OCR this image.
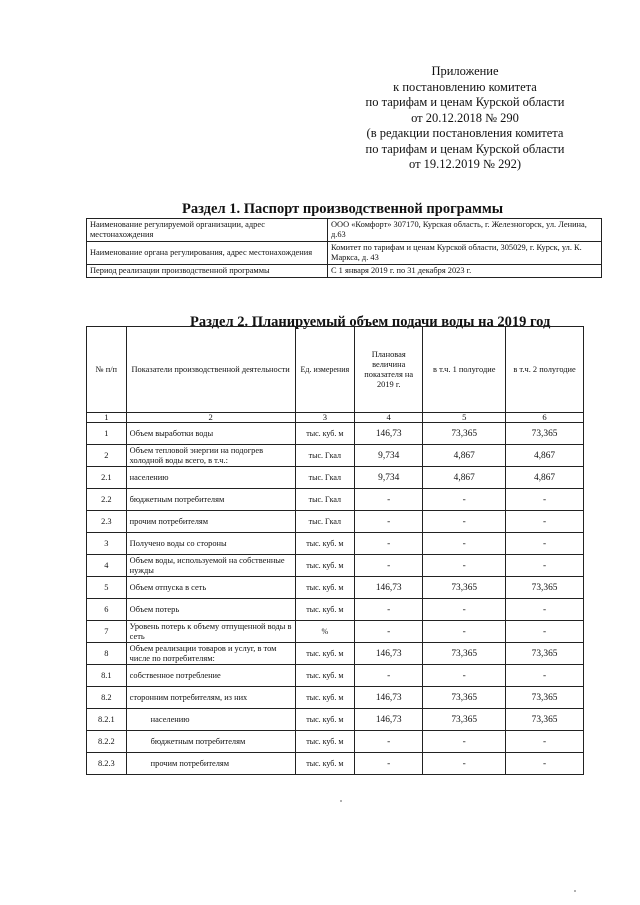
Приложение
к постановлению комитета
по тарифам и ценам Курской области
от 20.12.2018 № 290
(в редакции постановления комитета
по тарифам и ценам Курской области
от 19.12.2019 № 292)
Раздел 1. Паспорт производственной программы
Наименование регулируемой организации, адрес местонахождения	ООО «Комфорт» 307170, Курская область, г. Железногорск, ул. Ленина, д.63
Наименование органа регулирования, адрес местонахождения	Комитет по тарифам и ценам Курской области, 305029, г. Курск, ул. К. Маркса, д. 43
Период реализации производственной программы	С 1 января 2019 г. по 31 декабря 2023 г.
Раздел 2. Планируемый объем подачи воды на 2019 год
№ п/п	Показатели производственной деятельности	Ед. измерения	Плановая величина показателя на 2019 г.	в т.ч. 1 полугодие	в т.ч. 2 полугодие
1	2	3	4	5	6
1	Объем выработки воды	тыс. куб. м	146,73	73,365	73,365
2	Объем тепловой энергии на подогрев холодной воды всего, в т.ч.:	тыс. Гкал	9,734	4,867	4,867
2.1	населению	тыс. Гкал	9,734	4,867	4,867
2.2	бюджетным потребителям	тыс. Гкал	-	-	-
2.3	прочим потребителям	тыс. Гкал	-	-	-
3	Получено воды со стороны	тыс. куб. м	-	-	-
4	Объем воды, используемой на собственные нужды	тыс. куб. м	-	-	-
5	Объем отпуска в сеть	тыс. куб. м	146,73	73,365	73,365
6	Объем потерь	тыс. куб. м	-	-	-
7	Уровень потерь к объему отпущенной воды в сеть	%	-	-	-
8	Объем реализации товаров и услуг, в том числе по потребителям:	тыс. куб. м	146,73	73,365	73,365
8.1	собственное потребление	тыс. куб. м	-	-	-
8.2	сторонним потребителям, из них	тыс. куб. м	146,73	73,365	73,365
8.2.1	населению	тыс. куб. м	146,73	73,365	73,365
8.2.2	бюджетным потребителям	тыс. куб. м	-	-	-
8.2.3	прочим потребителям	тыс. куб. м	-	-	-
